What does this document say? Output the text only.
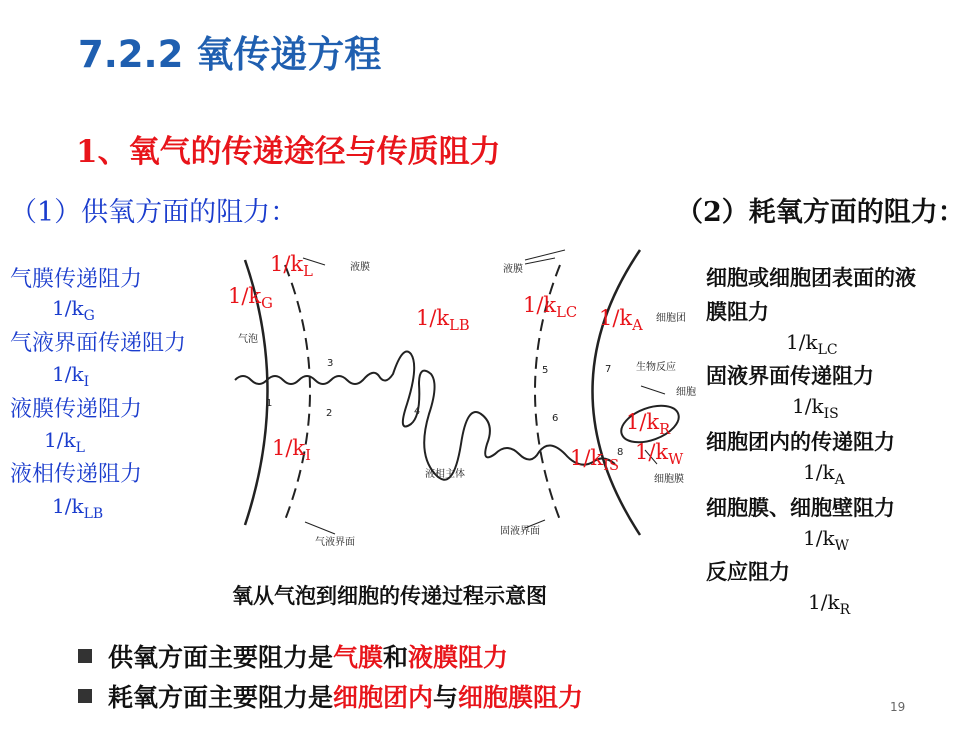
7.2.2 氧传递方程
1、氧气的传递途径与传质阻力
（1）供氧方面的阻力：	（2）耗氧方面的阻力：
气膜传递阻力
$1/k_G$
气液界面传递阻力
$1/k_I$
液膜传递阻力
$1/k_L$
液相传递阻力
$1/k_{LB}$
液膜	液膜
气泡
细胞团
生物反应
细胞
细胞膜
液相主体
气液界面
固液界面
1
2
3
4
5
6
7
8
$1/k_L$
$1/k_G$
$1/k_{LB}$
$1/k_{LC}$ $1/k_A$
$1/k_I$	$1/k_{IS}$
$1/k_R$
$1/k_W$
氧从气泡到细胞的传递过程示意图
细胞或细胞团表面的液
膜阻力
$1/k_{LC}$
固液界面传递阻力
$1/k_{IS}$
细胞团内的传递阻力
$1/k_A$
细胞膜、细胞壁阻力
$1/k_W$
反应阻力
$1/k_R$
供氧方面主要阻力是气膜和液膜阻力
耗氧方面主要阻力是细胞团内与细胞膜阻力	19
